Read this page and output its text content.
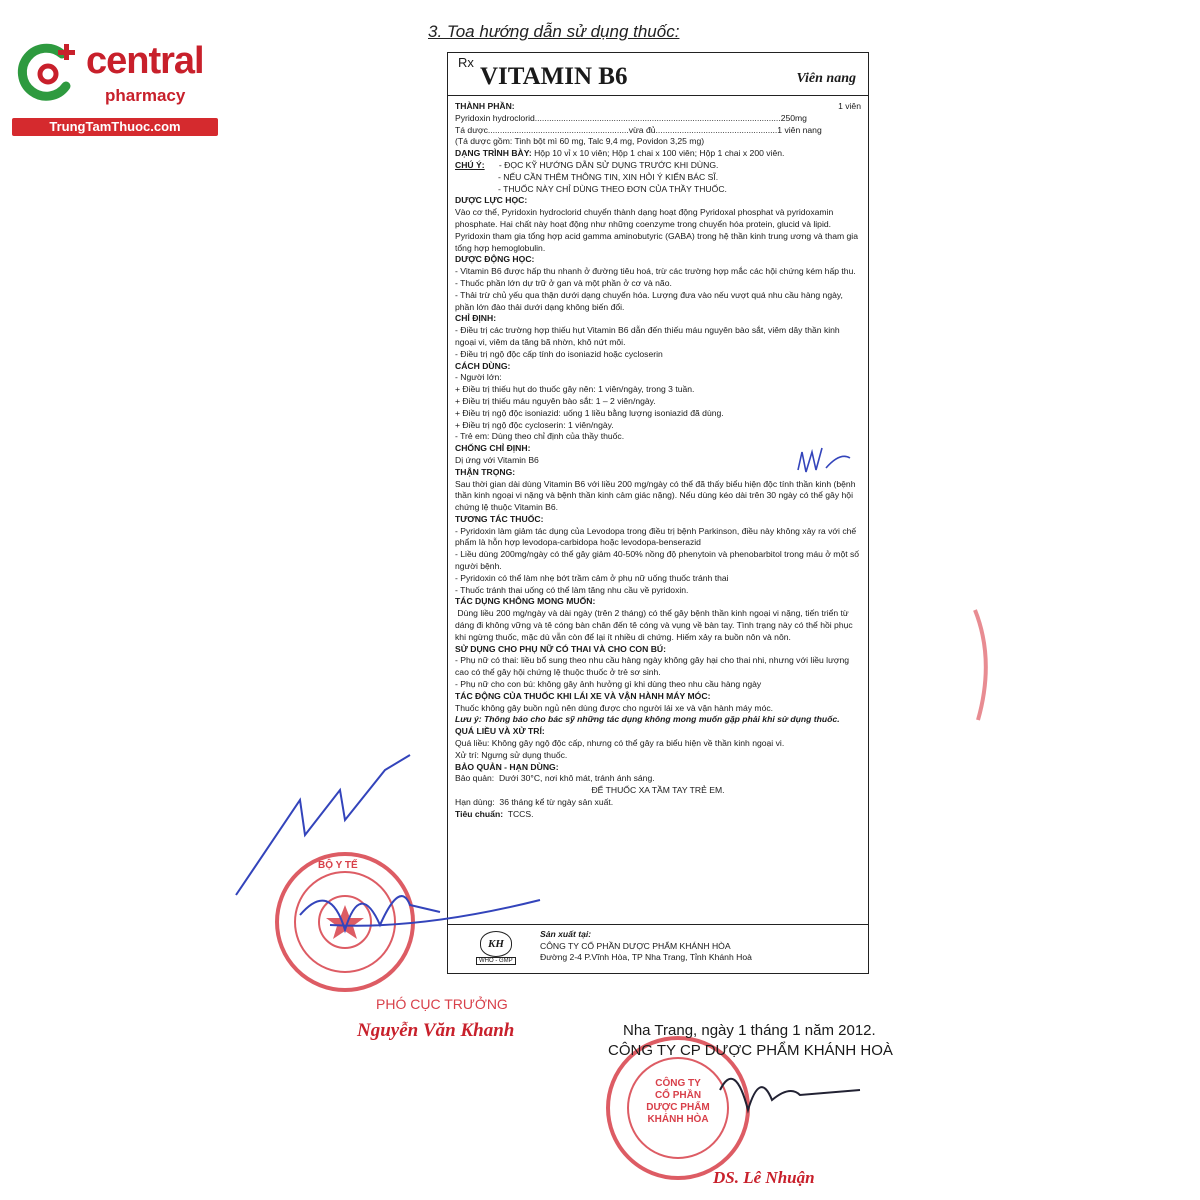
central
pharmacy
TrungTamThuoc.com
3. Toa hướng dẫn sử dụng thuốc:
Rx
VITAMIN B6	Viên nang
THÀNH PHẦN:	1 viên
Pyridoxin hydroclorid.......................................................................................................250mg
Tá dược...........................................................vừa đủ...................................................1 viên nang
(Tá dược gồm: Tinh bột mì 60 mg, Talc 9,4 mg, Povidon 3,25 mg)
DẠNG TRÌNH BÀY: Hộp 10 vỉ x 10 viên; Hộp 1 chai x 100 viên; Hộp 1 chai x 200 viên.
CHÚ Ý:      - ĐỌC KỸ HƯỚNG DẪN SỬ DỤNG TRƯỚC KHI DÙNG.
- NẾU CẦN THÊM THÔNG TIN, XIN HỎI Ý KIẾN BÁC SĨ.
- THUỐC NÀY CHỈ DÙNG THEO ĐƠN CỦA THẦY THUỐC.
DƯỢC LỰC HỌC:
Vào cơ thể, Pyridoxin hydroclorid chuyển thành dạng hoạt động Pyridoxal phosphat và pyridoxamin phosphate. Hai chất này hoạt động như những coenzyme trong chuyển hóa protein, glucid và lipid. Pyridoxin tham gia tổng hợp acid gamma aminobutyric (GABA) trong hệ thần kinh trung ương và tham gia tổng hợp hemoglobulin.
DƯỢC ĐỘNG HỌC:
- Vitamin B6 được hấp thu nhanh ở đường tiêu hoá, trừ các trường hợp mắc các hội chứng kém hấp thu.
- Thuốc phần lớn dự trữ ở gan và một phần ở cơ và não.
- Thải trừ chủ yếu qua thận dưới dạng chuyển hóa. Lượng đưa vào nếu vượt quá nhu cầu hàng ngày, phần lớn đào thải dưới dạng không biến đổi.
CHỈ ĐỊNH:
- Điều trị các trường hợp thiếu hụt Vitamin B6 dẫn đến thiếu máu nguyên bào sắt, viêm dây thần kinh ngoại vi, viêm da tăng bã nhờn, khô nứt môi.
- Điều trị ngộ độc cấp tính do isoniazid hoặc cycloserin
CÁCH DÙNG:
- Người lớn:
+ Điều trị thiếu hụt do thuốc gây nên: 1 viên/ngày, trong 3 tuần.
+ Điều trị thiếu máu nguyên bào sắt: 1 – 2 viên/ngày.
+ Điều trị ngộ độc isoniazid: uống 1 liều bằng lượng isoniazid đã dùng.
+ Điều trị ngộ độc cycloserin: 1 viên/ngày.
- Trẻ em: Dùng theo chỉ định của thầy thuốc.
CHỐNG CHỈ ĐỊNH:
Dị ứng với Vitamin B6
THẬN TRỌNG:
Sau thời gian dài dùng Vitamin B6 với liều 200 mg/ngày có thể đã thấy biểu hiện độc tính thần kinh (bệnh thần kinh ngoại vi nặng và bệnh thần kinh cảm giác nặng). Nếu dùng kéo dài trên 30 ngày có thể gây hội chứng lệ thuộc Vitamin B6.
TƯƠNG TÁC THUỐC:
- Pyridoxin làm giảm tác dụng của Levodopa trong điều trị bệnh Parkinson, điều này không xảy ra với chế phẩm là hỗn hợp levodopa-carbidopa hoặc levodopa-benserazid
- Liều dùng 200mg/ngày có thể gây giảm 40-50% nồng độ phenytoin và phenobarbitol trong máu ở một số người bệnh.
- Pyridoxin có thể làm nhẹ bớt trầm cảm ở phụ nữ uống thuốc tránh thai
- Thuốc tránh thai uống có thể làm tăng nhu cầu về pyridoxin.
TÁC DỤNG KHÔNG MONG MUỐN:
Dùng liều 200 mg/ngày và dài ngày (trên 2 tháng) có thể gây bệnh thần kinh ngoại vi nặng, tiến triển từ dáng đi không vững và tê cóng bàn chân đến tê cóng và vụng về bàn tay. Tình trạng này có thể hồi phục khi ngừng thuốc, mặc dù vẫn còn để lại ít nhiều di chứng. Hiếm xảy ra buồn nôn và nôn.
SỬ DỤNG CHO PHỤ NỮ CÓ THAI VÀ CHO CON BÚ:
- Phụ nữ có thai: liều bổ sung theo nhu cầu hàng ngày không gây hại cho thai nhi, nhưng với liều lượng cao có thể gây hội chứng lệ thuộc thuốc ở trẻ sơ sinh.
- Phụ nữ cho con bú: không gây ảnh hưởng gì khi dùng theo nhu cầu hàng ngày
TÁC ĐỘNG CỦA THUỐC KHI LÁI XE VÀ VẬN HÀNH MÁY MÓC:
Thuốc không gây buồn ngủ nên dùng được cho người lái xe và vận hành máy móc.
Lưu ý: Thông báo cho bác sỹ những tác dụng không mong muốn gặp phải khi sử dụng thuốc.
QUÁ LIỀU VÀ XỬ TRÍ:
Quá liều: Không gây ngộ độc cấp, nhưng có thể gây ra biểu hiện về thần kinh ngoại vi.
Xử trí: Ngưng sử dụng thuốc.
BẢO QUẢN - HẠN DÙNG:
Bảo quản:  Dưới 30°C, nơi khô mát, tránh ánh sáng.
ĐỂ THUỐC XA TẦM TAY TRẺ EM.
Hạn dùng:  36 tháng kể từ ngày sản xuất.
Tiêu chuẩn:  TCCS.
KH
WHO - GMP
Sản xuất tại:
CÔNG TY CỔ PHẦN DƯỢC PHẨM KHÁNH HÒA
Đường 2-4 P.Vĩnh Hòa, TP Nha Trang, Tỉnh Khánh Hoà
BỘ Y TẾ
PHÓ CỤC TRƯỞNG
Nguyễn Văn Khanh
CÔNG TY
CỔ PHẦN
DƯỢC PHẨM
KHÁNH HÒA
Nha Trang, ngày 1 tháng 1 năm 2012.
CÔNG TY CP DƯỢC PHẨM KHÁNH HOÀ
DS. Lê Nhuận
